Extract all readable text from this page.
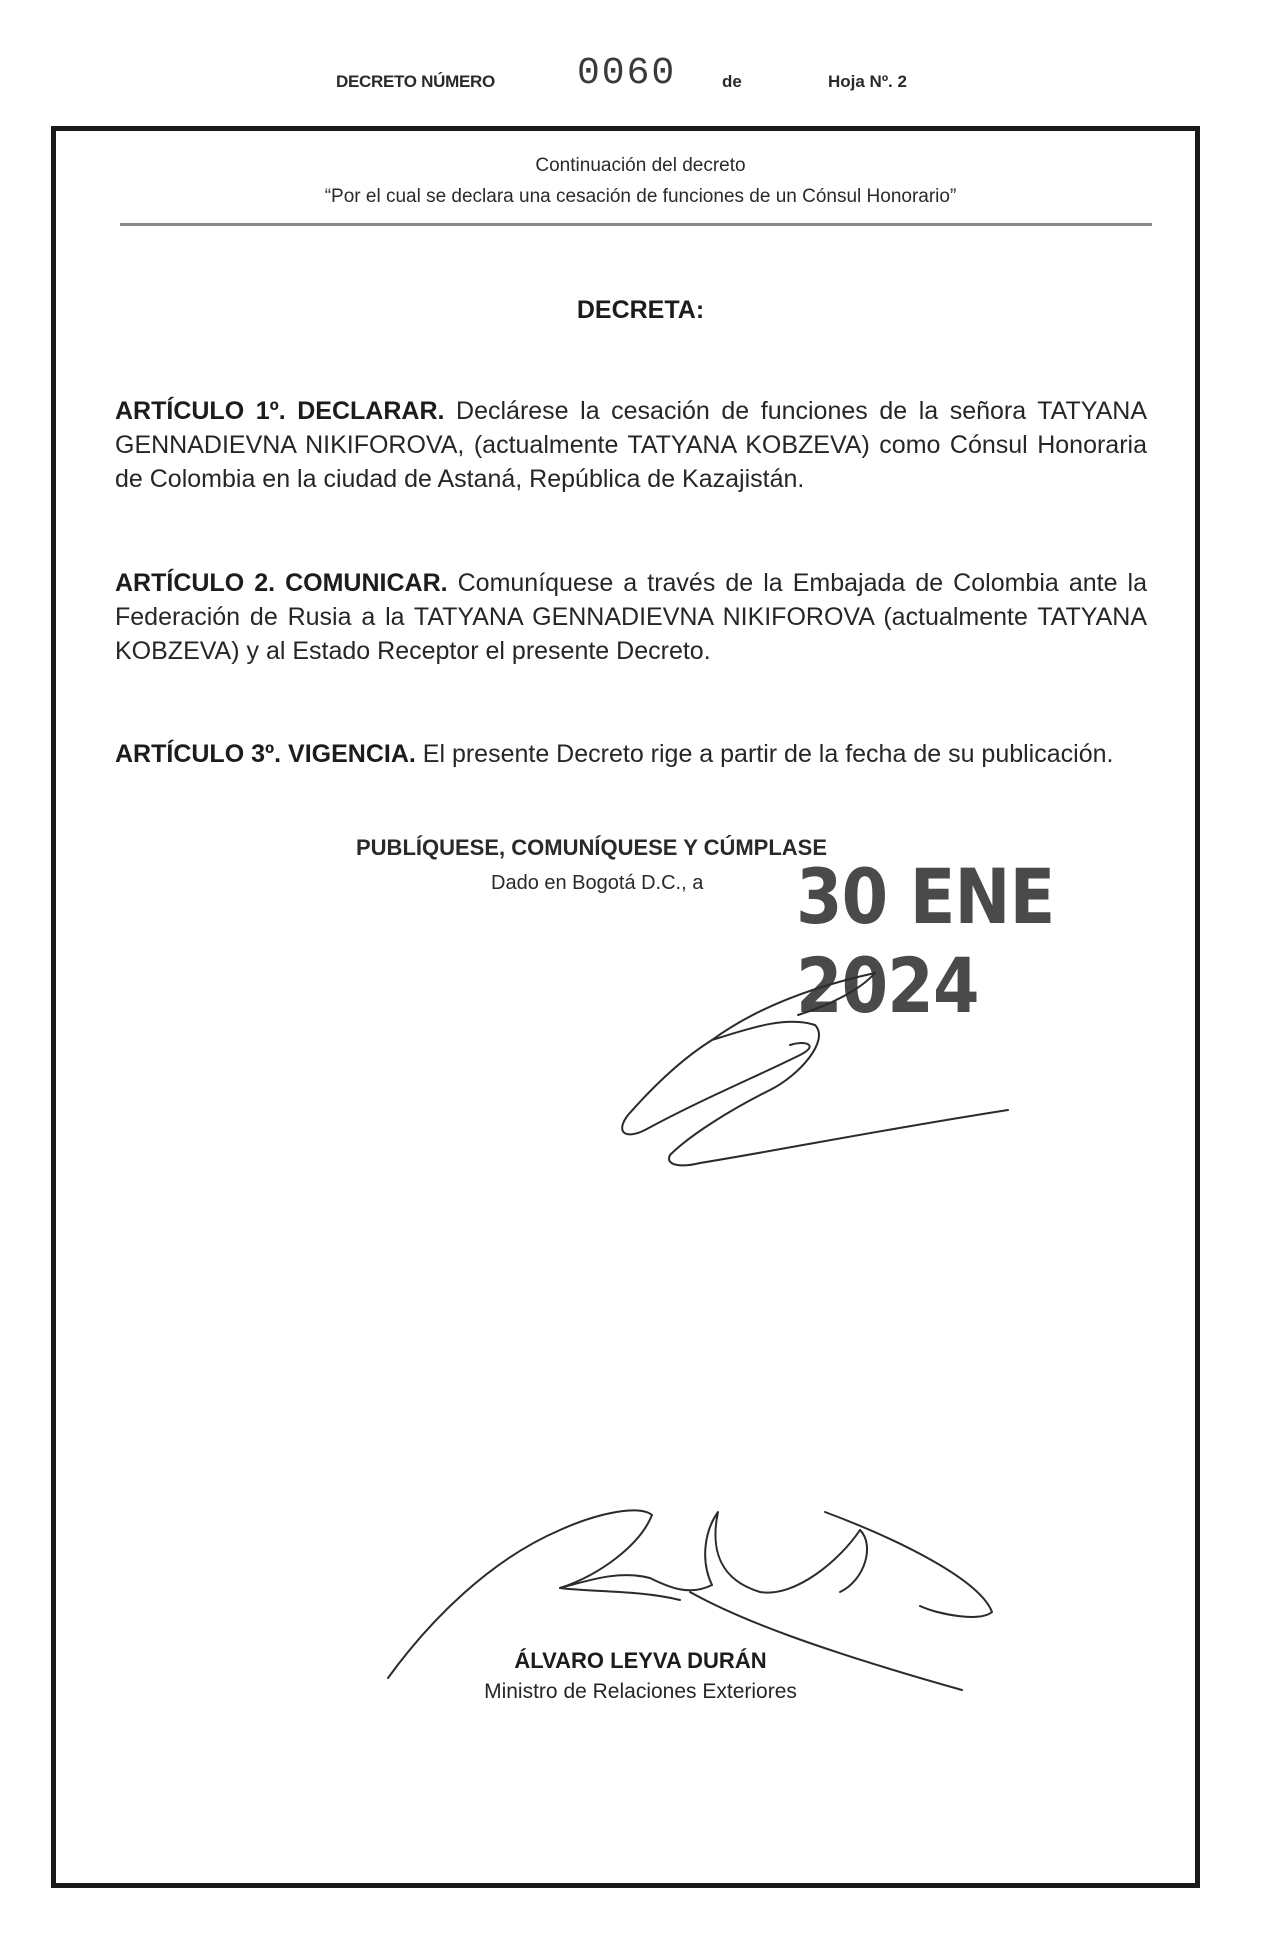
DECRETO NÚMERO 0060	de	Hoja Nº. 2
Continuación del decreto
“Por el cual se declara una cesación de funciones de un Cónsul Honorario”
DECRETA:
ARTÍCULO 1º. DECLARAR. Declárese la cesación de funciones de la señora TATYANA GENNADIEVNA NIKIFOROVA, (actualmente TATYANA KOBZEVA) como Cónsul Honoraria de Colombia en la ciudad de Astaná, República de Kazajistán.
ARTÍCULO 2. COMUNICAR. Comuníquese a través de la Embajada de Colombia ante la Federación de Rusia a la TATYANA GENNADIEVNA NIKIFOROVA (actualmente TATYANA KOBZEVA) y al Estado Receptor el presente Decreto.
ARTÍCULO 3º. VIGENCIA. El presente Decreto rige a partir de la fecha de su publicación.
PUBLÍQUESE, COMUNÍQUESE Y CÚMPLASE
Dado en Bogotá D.C., a 30 ENE 2024
ÁLVARO LEYVA DURÁN
Ministro de Relaciones Exteriores
